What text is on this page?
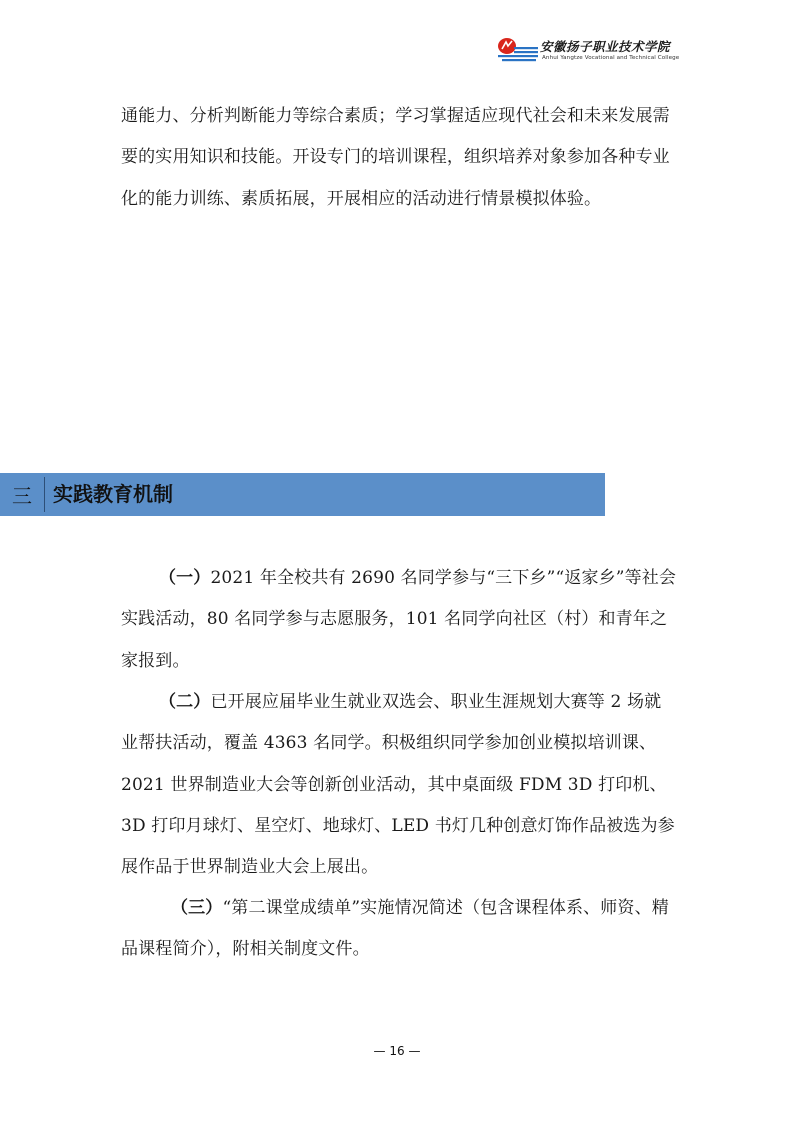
安徽扬子职业技术学院
Anhui Yangtze Vocational and Technical College

通能力、分析判断能力等综合素质；学习掌握适应现代社会和未来发展需要的实用知识和技能。开设专门的培训课程，组织培养对象参加各种专业化的能力训练、素质拓展，开展相应的活动进行情景模拟体验。

三	实践教育机制

（一）2021 年全校共有 2690 名同学参与“三下乡”“返家乡”等社会实践活动，80 名同学参与志愿服务，101 名同学向社区（村）和青年之家报到。

（二）已开展应届毕业生就业双选会、职业生涯规划大赛等 2 场就业帮扶活动，覆盖 4363 名同学。积极组织同学参加创业模拟培训课、2021 世界制造业大会等创新创业活动，其中桌面级 FDM 3D 打印机、3D 打印月球灯、星空灯、地球灯、LED 书灯几种创意灯饰作品被选为参展作品于世界制造业大会上展出。

（三）“第二课堂成绩单”实施情况简述（包含课程体系、师资、精品课程简介），附相关制度文件。

— 16 —
